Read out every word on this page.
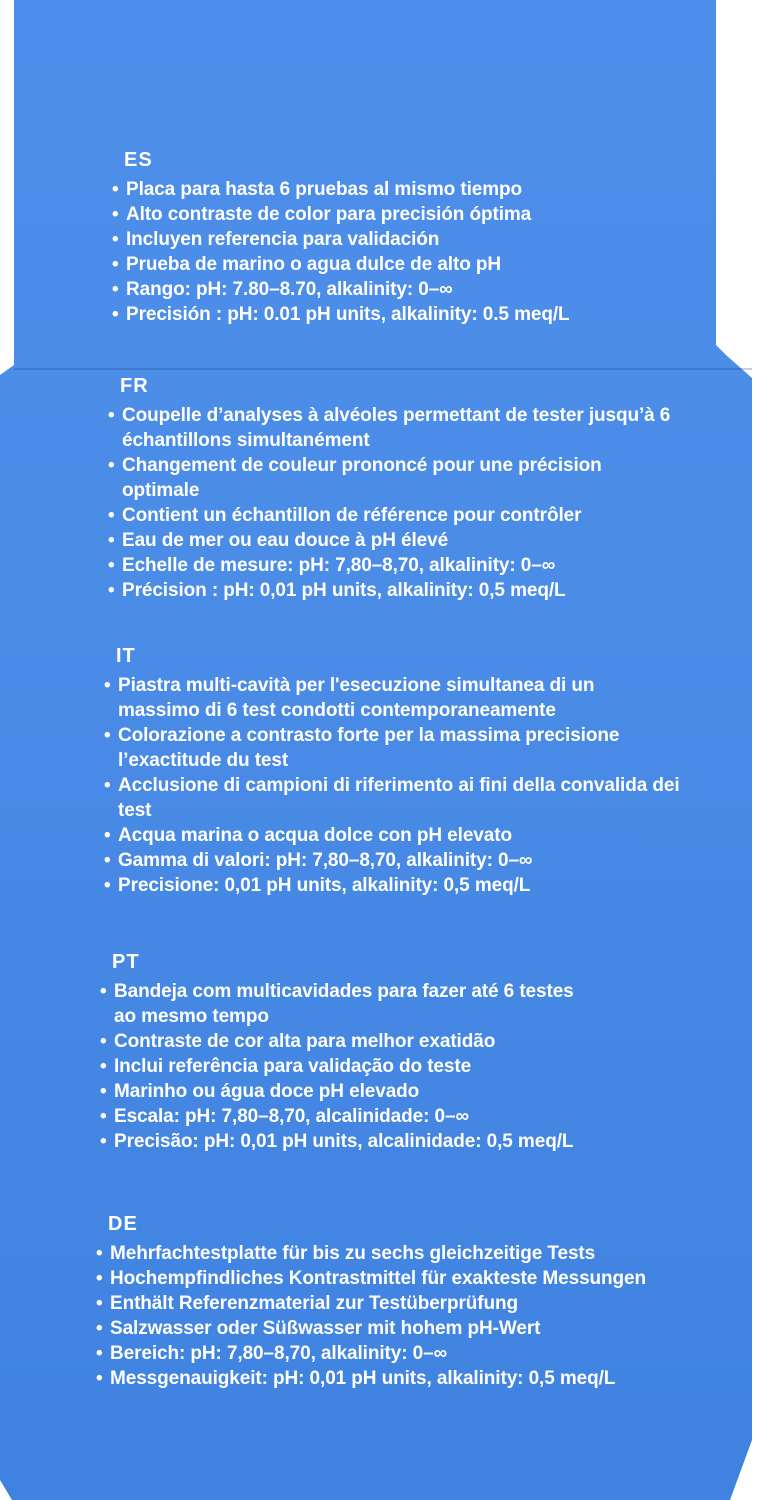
ES
• Placa para hasta 6 pruebas al mismo tiempo
• Alto contraste de color para precisión óptima
• Incluyen referencia para validación
• Prueba de marino o agua dulce de alto pH
• Rango: pH: 7.80–8.70, alkalinity: 0–∞
• Precisión : pH: 0.01 pH units, alkalinity: 0.5 meq/L
FR
• Coupelle d’analyses à alvéoles permettant de tester jusqu’à 6 échantillons simultanément
• Changement de couleur prononcé pour une précision optimale
• Contient un échantillon de référence pour contrôler
• Eau de mer ou eau douce à pH élevé
• Echelle de mesure: pH: 7,80–8,70, alkalinity: 0–∞
• Précision : pH: 0,01 pH units, alkalinity: 0,5 meq/L
IT
• Piastra multi-cavità per l'esecuzione simultanea di un massimo di 6 test condotti contemporaneamente
• Colorazione a contrasto forte per la massima precisione l’exactitude du test
• Acclusione di campioni di riferimento ai fini della convalida dei test
• Acqua marina o acqua dolce con pH elevato
• Gamma di valori: pH: 7,80–8,70, alkalinity: 0–∞
• Precisione: 0,01 pH units, alkalinity: 0,5 meq/L
PT
• Bandeja com multicavidades para fazer até 6 testes ao mesmo tempo
• Contraste de cor alta para melhor exatidão
• Inclui referência para validação do teste
• Marinho ou água doce pH elevado
• Escala: pH: 7,80–8,70, alcalinidade: 0–∞
• Precisão: pH: 0,01 pH units, alcalinidade: 0,5 meq/L
DE
• Mehrfachtestplatte für bis zu sechs gleichzeitige Tests
• Hochempfindliches Kontrastmittel für exakteste Messungen
• Enthält Referenzmaterial zur Testüberprüfung
• Salzwasser oder Süßwasser mit hohem pH-Wert
• Bereich: pH: 7,80–8,70, alkalinity: 0–∞
• Messgenauigkeit: pH: 0,01 pH units, alkalinity: 0,5 meq/L
